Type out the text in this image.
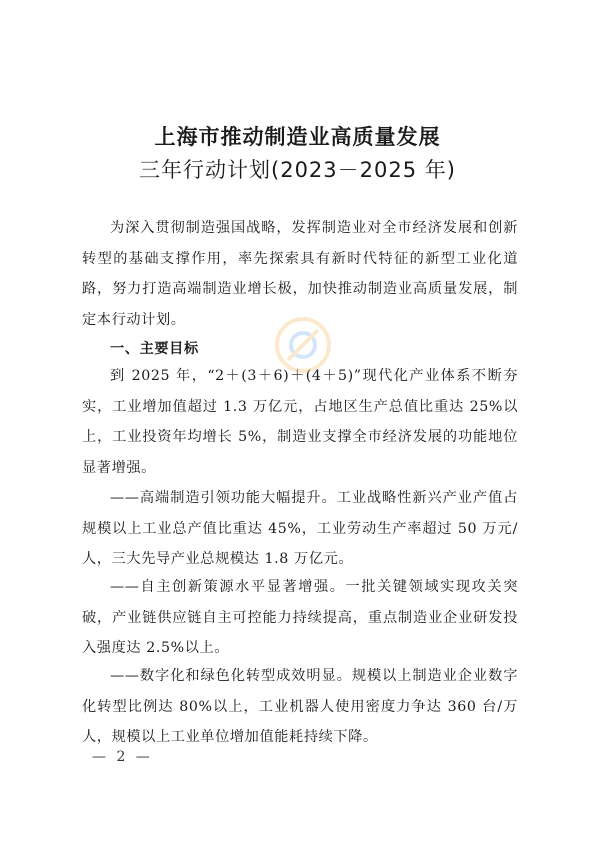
上海市推动制造业高质量发展
三年行动计划(2023－2025 年)

为深入贯彻制造强国战略，发挥制造业对全市经济发展和创新转型的基础支撑作用，率先探索具有新时代特征的新型工业化道路，努力打造高端制造业增长极，加快推动制造业高质量发展，制定本行动计划。

一、主要目标

到 2025 年，“2＋(3＋6)＋(4＋5)”现代化产业体系不断夯实，工业增加值超过 1.3 万亿元，占地区生产总值比重达 25%以上，工业投资年均增长 5%，制造业支撑全市经济发展的功能地位显著增强。

——高端制造引领功能大幅提升。工业战略性新兴产业产值占规模以上工业总产值比重达 45%，工业劳动生产率超过 50 万元/人，三大先导产业总规模达 1.8 万亿元。

——自主创新策源水平显著增强。一批关键领域实现攻关突破，产业链供应链自主可控能力持续提高，重点制造业企业研发投入强度达 2.5%以上。

——数字化和绿色化转型成效明显。规模以上制造业企业数字化转型比例达 80%以上，工业机器人使用密度力争达 360 台/万人，规模以上工业单位增加值能耗持续下降。

— 2 —
